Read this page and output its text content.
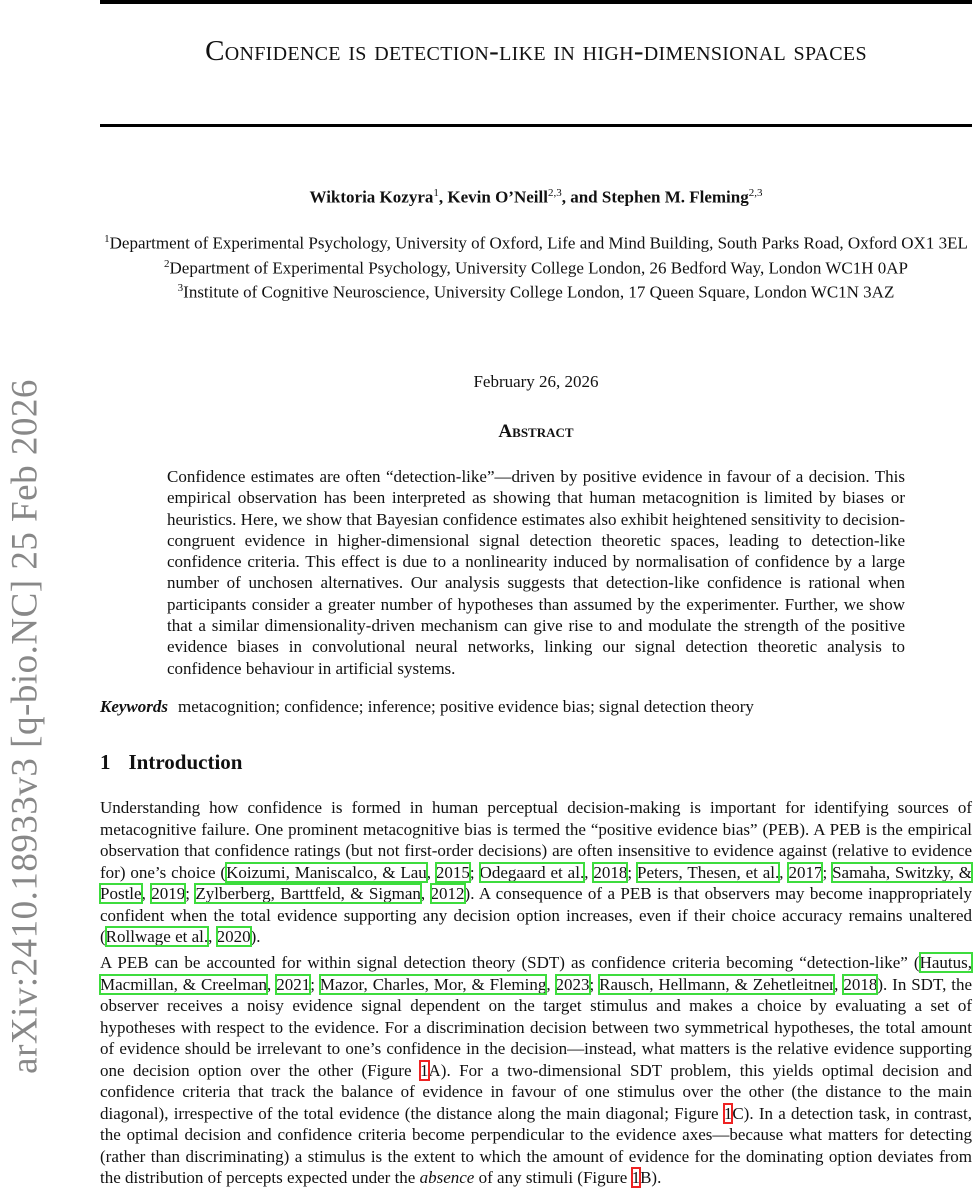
arXiv:2410.18933v3 [q-bio.NC] 25 Feb 2026
Confidence is detection-like in high-dimensional spaces
Wiktoria Kozyra$^1$, Kevin O’Neill$^{2,3}$, and Stephen M. Fleming$^{2,3}$
$^1$Department of Experimental Psychology, University of Oxford, Life and Mind Building, South Parks Road, Oxford OX1 3EL
$^2$Department of Experimental Psychology, University College London, 26 Bedford Way, London WC1H 0AP
$^3$Institute of Cognitive Neuroscience, University College London, 17 Queen Square, London WC1N 3AZ
February 26, 2026
Abstract
Confidence estimates are often “detection-like”—driven by positive evidence in favour of a decision. This empirical observation has been interpreted as showing that human metacognition is limited by biases or heuristics. Here, we show that Bayesian confidence estimates also exhibit heightened sensitivity to decision-congruent evidence in higher-dimensional signal detection theoretic spaces, leading to detection-like confidence criteria. This effect is due to a nonlinearity induced by normalisation of confidence by a large number of unchosen alternatives. Our analysis suggests that detection-like confidence is rational when participants consider a greater number of hypotheses than assumed by the experimenter. Further, we show that a similar dimensionality-driven mechanism can give rise to and modulate the strength of the positive evidence biases in convolutional neural networks, linking our signal detection theoretic analysis to confidence behaviour in artificial systems.
Keywords metacognition; confidence; inference; positive evidence bias; signal detection theory
1 Introduction
Understanding how confidence is formed in human perceptual decision-making is important for identifying sources of metacognitive failure. One prominent metacognitive bias is termed the “positive evidence bias” (PEB). A PEB is the empirical observation that confidence ratings (but not first-order decisions) are often insensitive to evidence against (relative to evidence for) one’s choice (Koizumi, Maniscalco, & Lau, 2015; Odegaard et al., 2018; Peters, Thesen, et al., 2017; Samaha, Switzky, & Postle, 2019; Zylberberg, Barttfeld, & Sigman, 2012). A consequence of a PEB is that observers may become inappropriately confident when the total evidence supporting any decision option increases, even if their choice accuracy remains unaltered (Rollwage et al., 2020).
A PEB can be accounted for within signal detection theory (SDT) as confidence criteria becoming “detection-like” (Hautus, Macmillan, & Creelman, 2021; Mazor, Charles, Mor, & Fleming, 2023; Rausch, Hellmann, & Zehetleitner, 2018). In SDT, the observer receives a noisy evidence signal dependent on the target stimulus and makes a choice by evaluating a set of hypotheses with respect to the evidence. For a discrimination decision between two symmetrical hypotheses, the total amount of evidence should be irrelevant to one’s confidence in the decision—instead, what matters is the relative evidence supporting one decision option over the other (Figure 1A). For a two-dimensional SDT problem, this yields optimal decision and confidence criteria that track the balance of evidence in favour of one stimulus over the other (the distance to the main diagonal), irrespective of the total evidence (the distance along the main diagonal; Figure 1C). In a detection task, in contrast, the optimal decision and confidence criteria become perpendicular to the evidence axes—because what matters for detecting (rather than discriminating) a stimulus is the extent to which the amount of evidence for the dominating option deviates from the distribution of percepts expected under the absence of any stimuli (Figure 1B).
